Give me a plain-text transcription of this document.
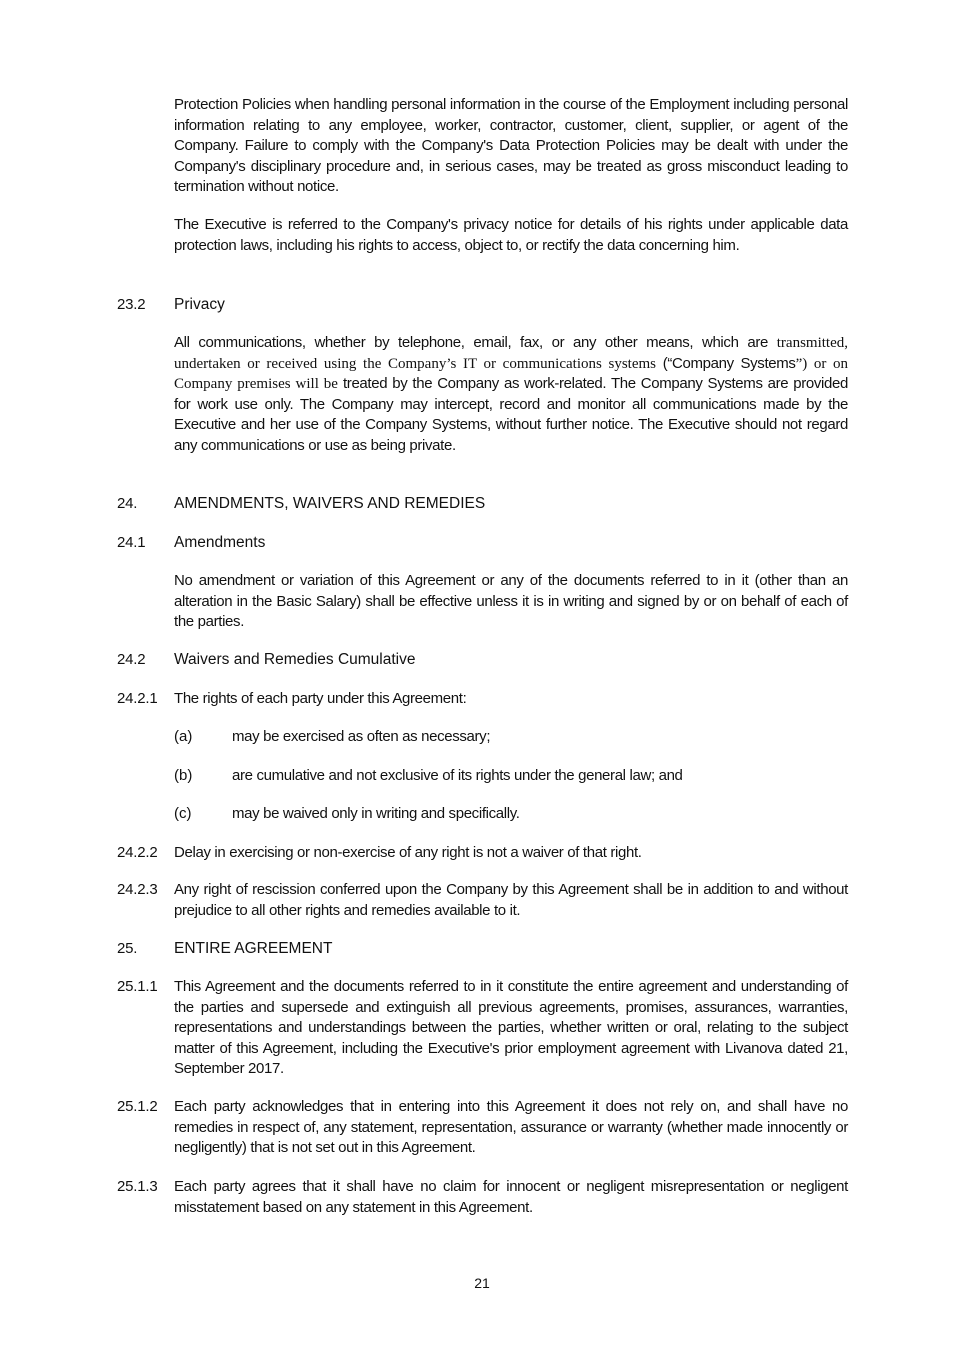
Protection Policies when handling personal information in the course of the Employment including personal information relating to any employee, worker, contractor, customer, client, supplier, or agent of the Company. Failure to comply with the Company's Data Protection Policies may be dealt with under the Company's disciplinary procedure and, in serious cases, may be treated as gross misconduct leading to termination without notice.
The Executive is referred to the Company's privacy notice for details of his rights under applicable data protection laws, including his rights to access, object to, or rectify the data concerning him.
23.2 Privacy
All communications, whether by telephone, email, fax, or any other means, which are transmitted, undertaken or received using the Company’s IT or communications systems (“Company Systems”) or on Company premises will be treated by the Company as work-related. The Company Systems are provided for work use only. The Company may intercept, record and monitor all communications made by the Executive and her use of the Company Systems, without further notice. The Executive should not regard any communications or use as being private.
24. AMENDMENTS, WAIVERS AND REMEDIES
24.1 Amendments
No amendment or variation of this Agreement or any of the documents referred to in it (other than an alteration in the Basic Salary) shall be effective unless it is in writing and signed by or on behalf of each of the parties.
24.2 Waivers and Remedies Cumulative
24.2.1 The rights of each party under this Agreement:
(a)	may be exercised as often as necessary;
(b)	are cumulative and not exclusive of its rights under the general law; and
(c)	may be waived only in writing and specifically.
24.2.2 Delay in exercising or non-exercise of any right is not a waiver of that right.
24.2.3 Any right of rescission conferred upon the Company by this Agreement shall be in addition to and without prejudice to all other rights and remedies available to it.
25. ENTIRE AGREEMENT
25.1.1 This Agreement and the documents referred to in it constitute the entire agreement and understanding of the parties and supersede and extinguish all previous agreements, promises, assurances, warranties, representations and understandings between the parties, whether written or oral, relating to the subject matter of this Agreement, including the Executive's prior employment agreement with Livanova dated 21, September 2017.
25.1.2 Each party acknowledges that in entering into this Agreement it does not rely on, and shall have no remedies in respect of, any statement, representation, assurance or warranty (whether made innocently or negligently) that is not set out in this Agreement.
25.1.3 Each party agrees that it shall have no claim for innocent or negligent misrepresentation or negligent misstatement based on any statement in this Agreement.
21
